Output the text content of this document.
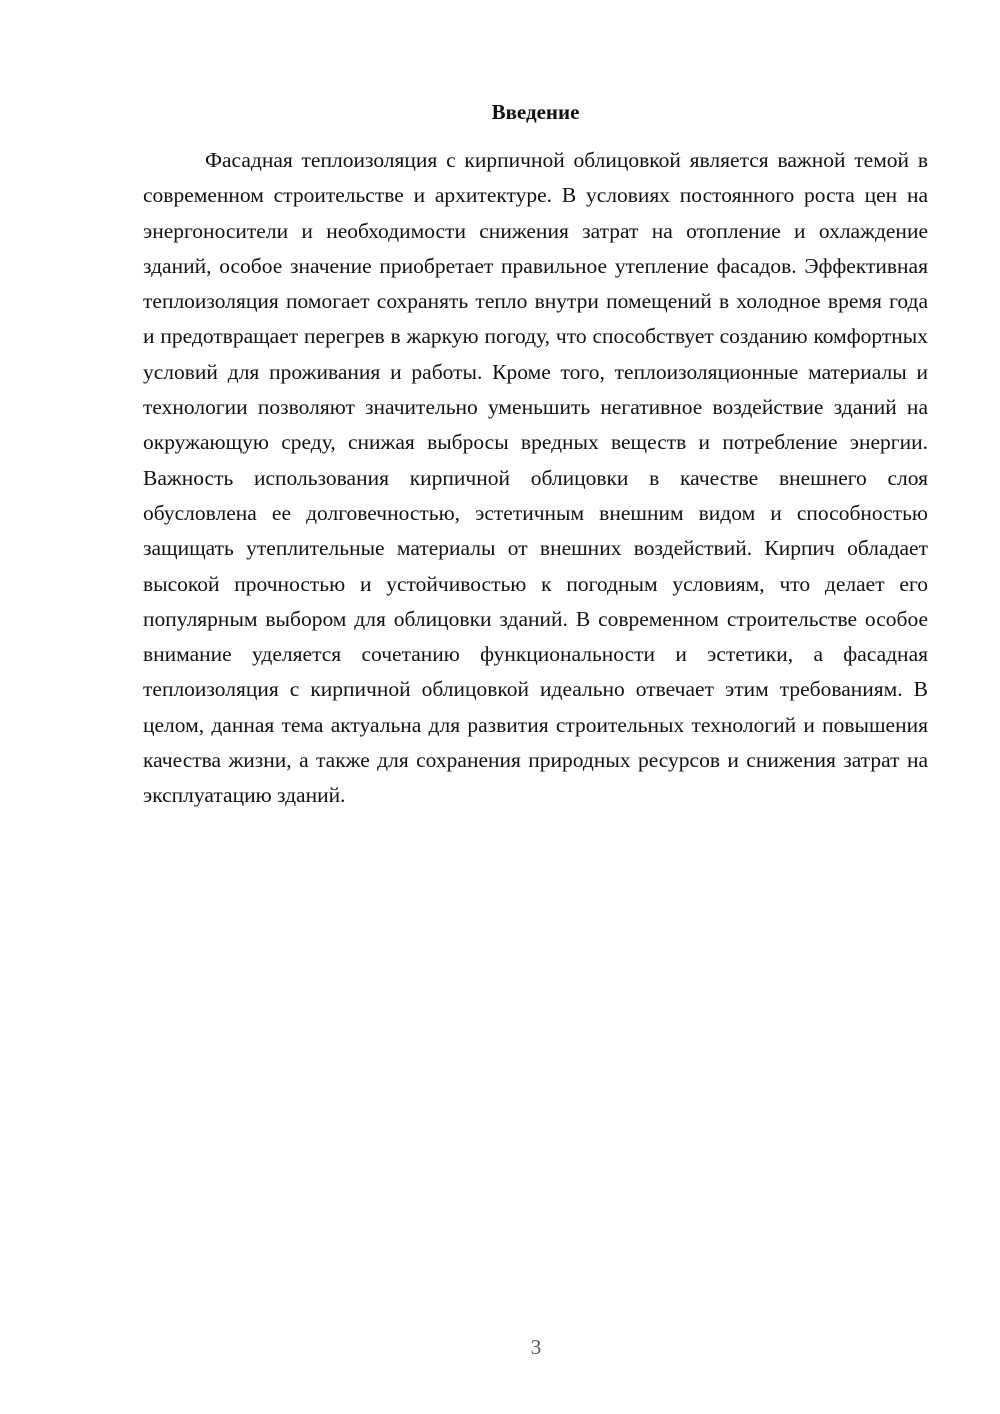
Введение

Фасадная теплоизоляция с кирпичной облицовкой является важной темой в современном строительстве и архитектуре. В условиях постоянного роста цен на энергоносители и необходимости снижения затрат на отопление и охлаждение зданий, особое значение приобретает правильное утепление фасадов. Эффективная теплоизоляция помогает сохранять тепло внутри помещений в холодное время года и предотвращает перегрев в жаркую погоду, что способствует созданию комфортных условий для проживания и работы. Кроме того, теплоизоляционные материалы и технологии позволяют значительно уменьшить негативное воздействие зданий на окружающую среду, снижая выбросы вредных веществ и потребление энергии. Важность использования кирпичной облицовки в качестве внешнего слоя обусловлена ее долговечностью, эстетичным внешним видом и способностью защищать утеплительные материалы от внешних воздействий. Кирпич обладает высокой прочностью и устойчивостью к погодным условиям, что делает его популярным выбором для облицовки зданий. В современном строительстве особое внимание уделяется сочетанию функциональности и эстетики, а фасадная теплоизоляция с кирпичной облицовкой идеально отвечает этим требованиям. В целом, данная тема актуальна для развития строительных технологий и повышения качества жизни, а также для сохранения природных ресурсов и снижения затрат на эксплуатацию зданий.

3
